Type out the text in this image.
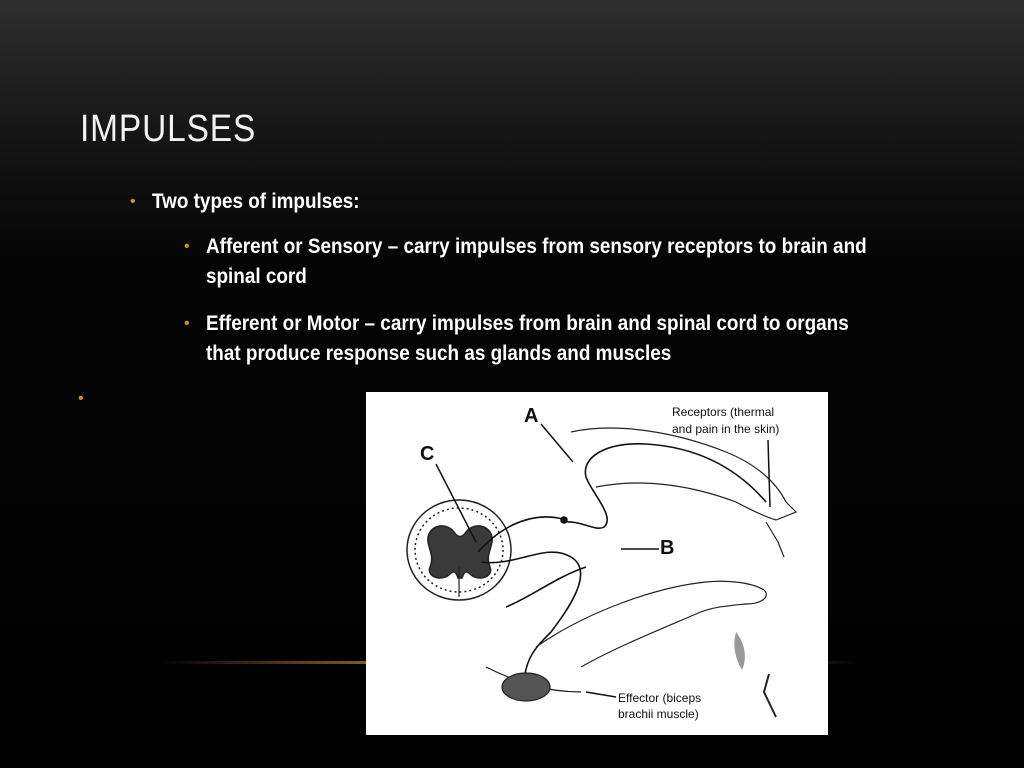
IMPULSES
• Two types of impulses:
• Afferent or Sensory – carry impulses from sensory receptors to brain and spinal cord
• Efferent or Motor – carry impulses from brain and spinal cord to organs that produce response such as glands and muscles
•
A
B
C
Receptors (thermal
and pain in the skin)
Effector (biceps
brachii muscle)
